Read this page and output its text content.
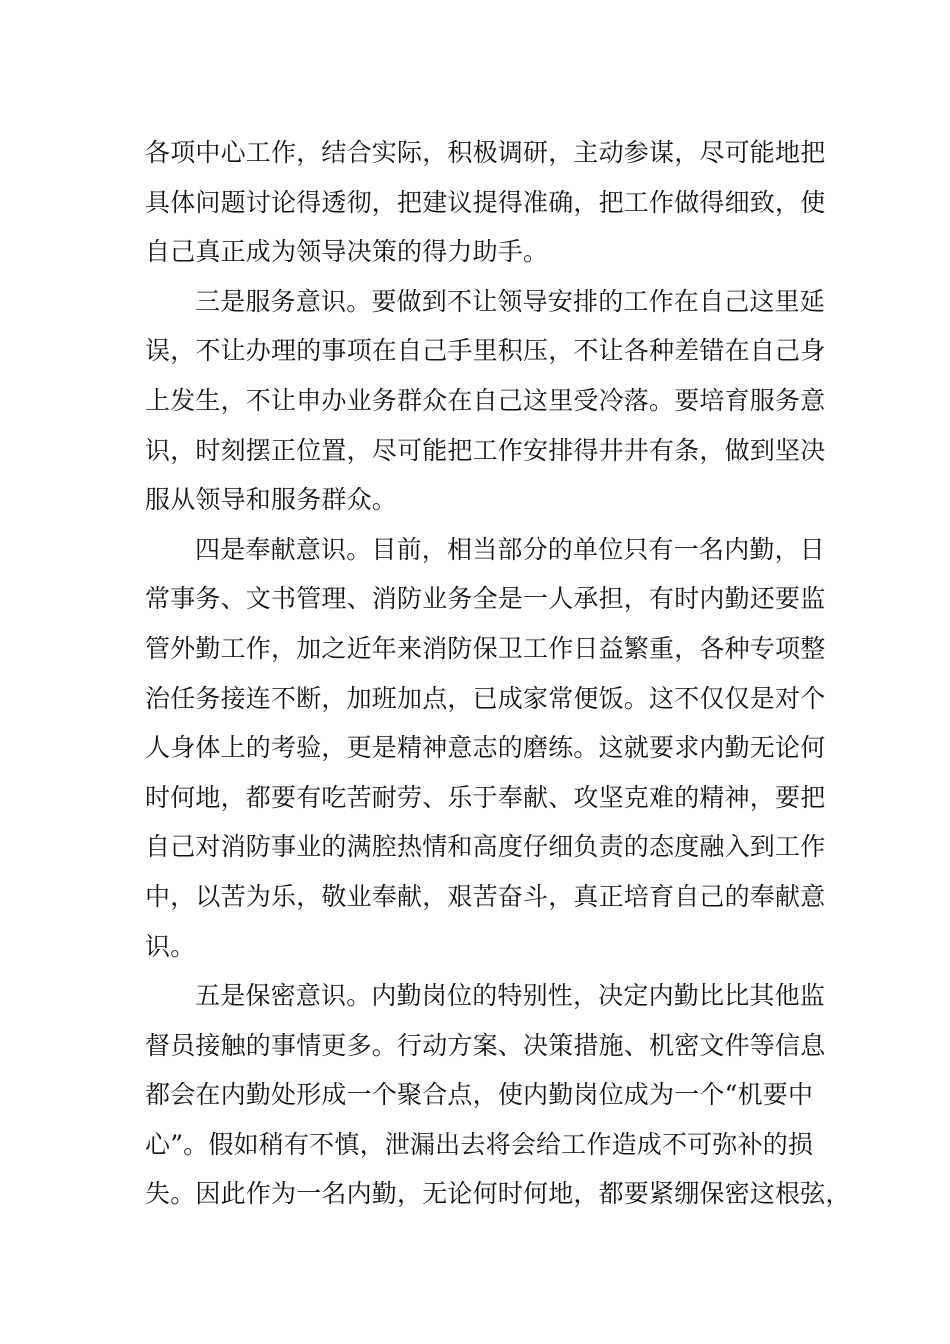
各项中心工作，结合实际，积极调研，主动参谋，尽可能地把
具体问题讨论得透彻，把建议提得准确，把工作做得细致，使
自己真正成为领导决策的得力助手。
三是服务意识。要做到不让领导安排的工作在自己这里延
误，不让办理的事项在自己手里积压，不让各种差错在自己身
上发生，不让申办业务群众在自己这里受冷落。要培育服务意
识，时刻摆正位置，尽可能把工作安排得井井有条，做到坚决
服从领导和服务群众。
四是奉献意识。目前，相当部分的单位只有一名内勤，日
常事务、文书管理、消防业务全是一人承担，有时内勤还要监
管外勤工作，加之近年来消防保卫工作日益繁重，各种专项整
治任务接连不断，加班加点，已成家常便饭。这不仅仅是对个
人身体上的考验，更是精神意志的磨练。这就要求内勤无论何
时何地，都要有吃苦耐劳、乐于奉献、攻坚克难的精神，要把
自己对消防事业的满腔热情和高度仔细负责的态度融入到工作
中，以苦为乐，敬业奉献，艰苦奋斗，真正培育自己的奉献意
识。
五是保密意识。内勤岗位的特别性，决定内勤比比其他监
督员接触的事情更多。行动方案、决策措施、机密文件等信息
都会在内勤处形成一个聚合点，使内勤岗位成为一个“机要中
心”。假如稍有不慎，泄漏出去将会给工作造成不可弥补的损
失。因此作为一名内勤，无论何时何地，都要紧绷保密这根弦，
